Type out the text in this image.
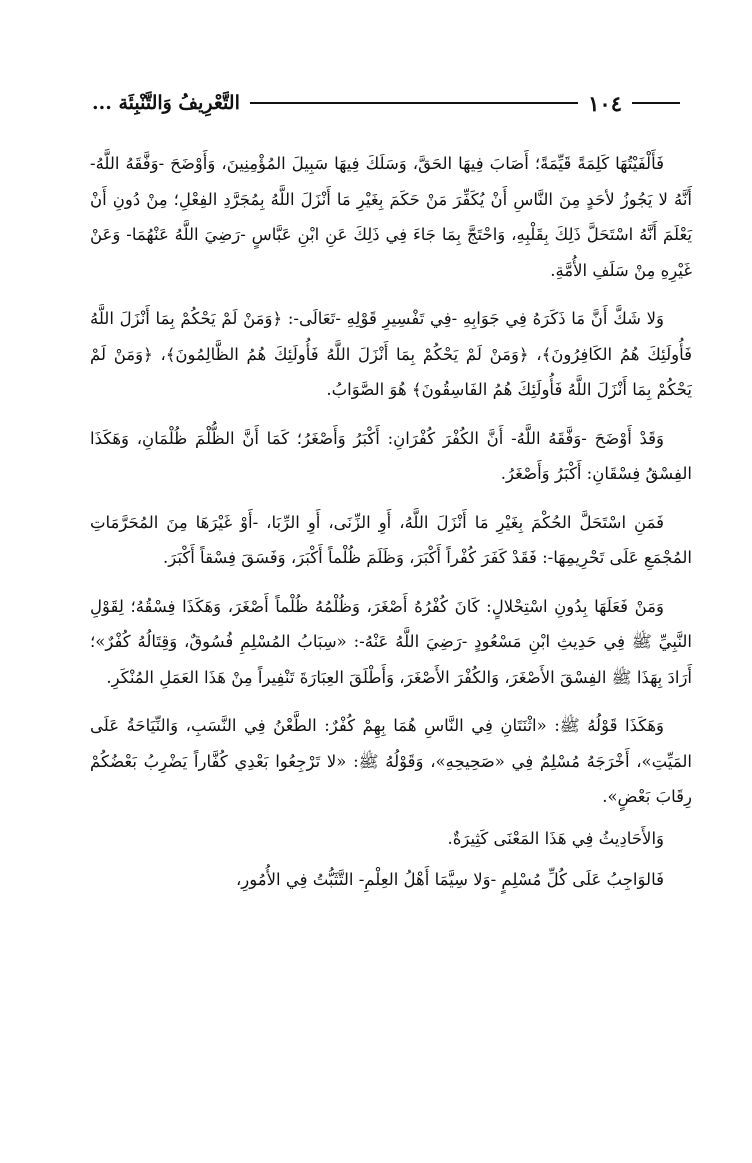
١٠٤
التَّعْرِيفُ وَالتَّنْبِئَة ...

فَأَلْفَيْتُهَا كَلِمَةً قَيِّمَةً؛ أَصَابَ فِيهَا الحَقَّ، وَسَلَكَ فِيهَا سَبِيلَ المُؤْمِنِينَ، وَأَوْضَحَ -وَفَّقَهُ اللَّهُ- أَنَّهُ لا يَجُوزُ لأحَدٍ مِنَ النَّاسِ أَنْ يُكَفِّرَ مَنْ حَكَمَ بِغَيْرِ مَا أَنْزَلَ اللَّهُ بِمُجَرَّدِ الفِعْلِ؛ مِنْ دُونِ أَنْ يَعْلَمَ أَنَّهُ اسْتَحَلَّ ذَلِكَ بِقَلْبِهِ، وَاحْتَجَّ بِمَا جَاءَ فِي ذَلِكَ عَنِ ابْنِ عَبَّاسٍ -رَضِيَ اللَّهُ عَنْهُمَا- وَعَنْ غَيْرِهِ مِنْ سَلَفِ الأُمَّةِ.

وَلا شَكَّ أَنَّ مَا ذَكَرَهُ فِي جَوَابِهِ -فِي تَفْسِيرِ قَوْلِهِ -تَعَالَى-: ﴿وَمَنْ لَمْ يَحْكُمْ بِمَا أَنْزَلَ اللَّهُ فَأُولَئِكَ هُمُ الكَافِرُونَ﴾، ﴿وَمَنْ لَمْ يَحْكُمْ بِمَا أَنْزَلَ اللَّهُ فَأُولَئِكَ هُمُ الظَّالِمُونَ﴾، ﴿وَمَنْ لَمْ يَحْكُمْ بِمَا أَنْزَلَ اللَّهُ فَأُولَئِكَ هُمُ الفَاسِقُونَ﴾ هُوَ الصَّوَابُ.

وَقَدْ أَوْضَحَ -وَفَّقَهُ اللَّهُ- أَنَّ الكُفْرَ كُفْرَانِ: أَكْبَرُ وَأَصْغَرُ؛ كَمَا أَنَّ الظُّلْمَ ظُلْمَانِ، وَهَكَذَا الفِسْقُ فِسْقَانِ: أَكْبَرُ وَأَصْغَرُ.

فَمَنِ اسْتَحَلَّ الحُكْمَ بِغَيْرِ مَا أَنْزَلَ اللَّهُ، أَوِ الزِّنَى، أَوِ الرِّبَا، -أَوْ غَيْرَهَا مِنَ المُحَرَّمَاتِ المُجْمَعِ عَلَى تَحْرِيمِهَا-: فَقَدْ كَفَرَ كُفْراً أَكْبَرَ، وَظَلَمَ ظُلْماً أَكْبَرَ، وَفَسَقَ فِسْقاً أَكْبَرَ.

وَمَنْ فَعَلَهَا بِدُونِ اسْتِحْلالٍ: كَانَ كُفْرُهُ أَصْغَرَ، وَظُلْمُهُ ظُلْماً أَصْغَرَ، وَهَكَذَا فِسْقُهُ؛ لِقَوْلِ النَّبِيِّ ﷺ فِي حَدِيثِ ابْنِ مَسْعُودٍ -رَضِيَ اللَّهُ عَنْهُ-: «سِبَابُ المُسْلِمِ فُسُوقٌ، وَقِتَالُهُ كُفْرٌ»؛ أَرَادَ بِهَذَا ﷺ الفِسْقَ الأَصْغَرَ، وَالكُفْرَ الأَصْغَرَ، وَأَطْلَقَ العِبَارَةَ تَنْفِيراً مِنْ هَذَا العَمَلِ المُنْكَرِ.

وَهَكَذَا قَوْلُهُ ﷺ: «اثْنَتَانِ فِي النَّاسِ هُمَا بِهِمْ كُفْرٌ: الطَّعْنُ فِي النَّسَبِ، وَالنِّيَاحَةُ عَلَى المَيِّتِ»، أَخْرَجَهُ مُسْلِمٌ فِي «صَحِيحِهِ»، وَقَوْلُهُ ﷺ: «لا تَرْجِعُوا بَعْدِي كُفَّاراً يَضْرِبُ بَعْضُكُمْ رِقَابَ بَعْضٍ».

وَالأَحَادِيثُ فِي هَذَا المَعْنَى كَثِيرَةٌ.

فَالوَاجِبُ عَلَى كُلِّ مُسْلِمٍ -وَلا سِيَّمَا أَهْلُ العِلْمِ- التَّثَبُّتُ فِي الأُمُورِ،
